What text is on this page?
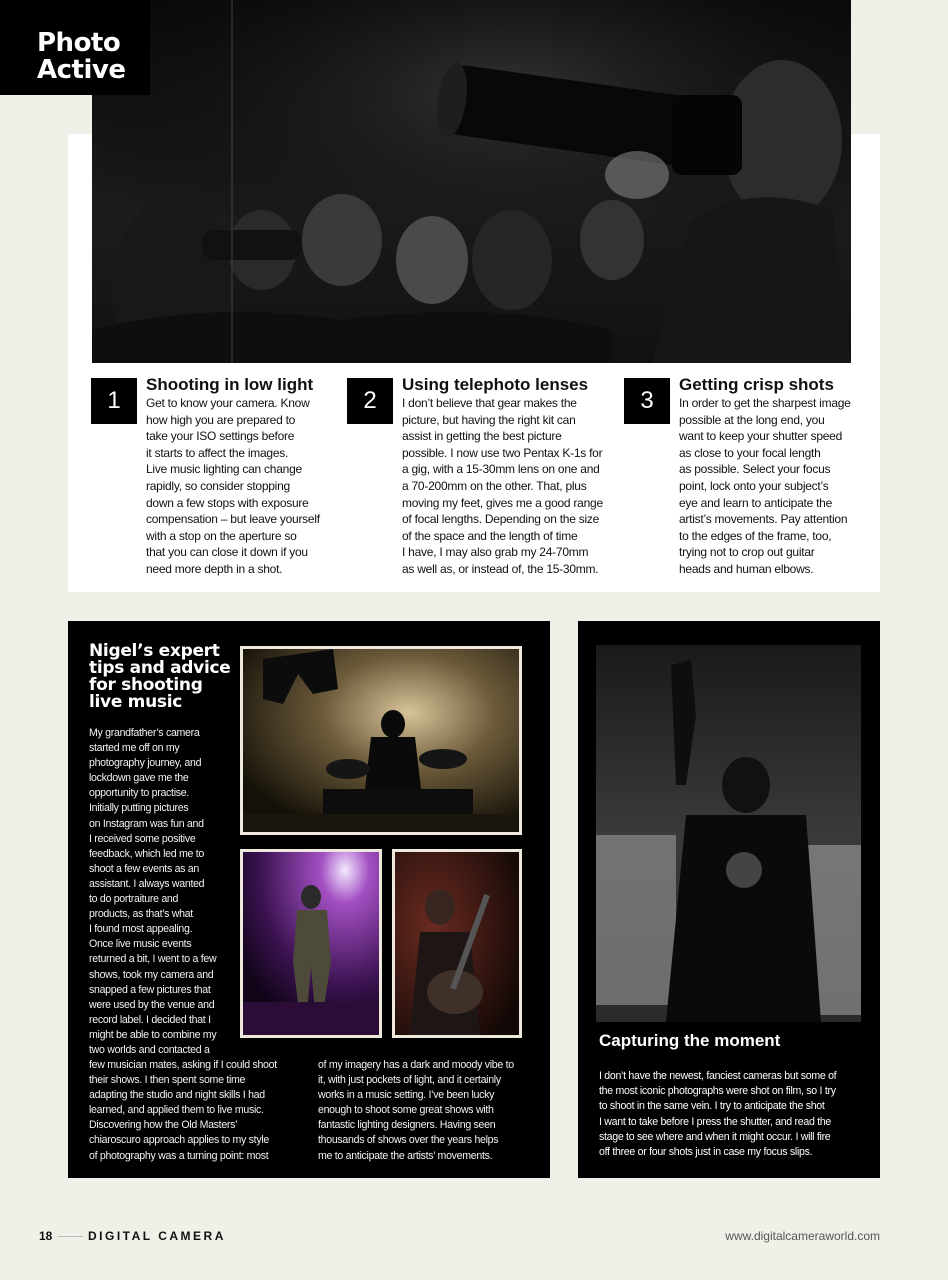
Photo
Active
1
Shooting in low light
Get to know your camera. Know
how high you are prepared to
take your ISO settings before
it starts to affect the images.
Live music lighting can change
rapidly, so consider stopping
down a few stops with exposure
compensation – but leave yourself
with a stop on the aperture so
that you can close it down if you
need more depth in a shot.
2
Using telephoto lenses
I don’t believe that gear makes the
picture, but having the right kit can
assist in getting the best picture
possible. I now use two Pentax K-1s for
a gig, with a 15-30mm lens on one and
a 70-200mm on the other. That, plus
moving my feet, gives me a good range
of focal lengths. Depending on the size
of the space and the length of time
I have, I may also grab my 24-70mm
as well as, or instead of, the 15-30mm.
3
Getting crisp shots
In order to get the sharpest image
possible at the long end, you
want to keep your shutter speed
as close to your focal length
as possible. Select your focus
point, lock onto your subject’s
eye and learn to anticipate the
artist’s movements. Pay attention
to the edges of the frame, too,
trying not to crop out guitar
heads and human elbows.
Nigel’s expert tips and advice for shooting live music
My grandfather’s camera
started me off on my
photography journey, and
lockdown gave me the
opportunity to practise.
Initially putting pictures
on Instagram was fun and
I received some positive
feedback, which led me to
shoot a few events as an
assistant. I always wanted
to do portraiture and
products, as that’s what
I found most appealing.
Once live music events
returned a bit, I went to a few
shows, took my camera and
snapped a few pictures that
were used by the venue and
record label. I decided that I
might be able to combine my
two worlds and contacted a
few musician mates, asking if I could shoot
their shows. I then spent some time
adapting the studio and night skills I had
learned, and applied them to live music.
Discovering how the Old Masters’
chiaroscuro approach applies to my style
of photography was a turning point: most
of my imagery has a dark and moody vibe to
it, with just pockets of light, and it certainly
works in a music setting. I’ve been lucky
enough to shoot some great shows with
fantastic lighting designers. Having seen
thousands of shows over the years helps
me to anticipate the artists’ movements.
Capturing the moment
I don’t have the newest, fanciest cameras but some of
the most iconic photographs were shot on film, so I try
to shoot in the same vein. I try to anticipate the shot
I want to take before I press the shutter, and read the
stage to see where and when it might occur. I will fire
off three or four shots just in case my focus slips.
18	DIGITAL CAMERA	www.digitalcameraworld.com
